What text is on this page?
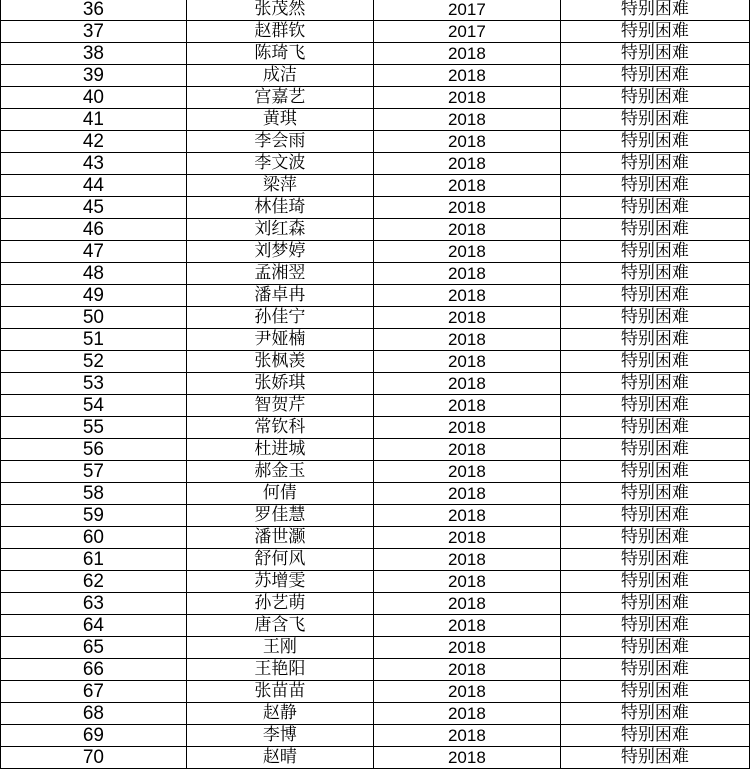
36	张茂然	2017	特别困难
37	赵群钦	2017	特别困难
38	陈琦飞	2018	特别困难
39	成洁	2018	特别困难
40	宫嘉艺	2018	特别困难
41	黄琪	2018	特别困难
42	李会雨	2018	特别困难
43	李文波	2018	特别困难
44	梁萍	2018	特别困难
45	林佳琦	2018	特别困难
46	刘红森	2018	特别困难
47	刘梦婷	2018	特别困难
48	孟湘翌	2018	特别困难
49	潘卓冉	2018	特别困难
50	孙佳宁	2018	特别困难
51	尹娅楠	2018	特别困难
52	张枫羡	2018	特别困难
53	张娇琪	2018	特别困难
54	智贺芹	2018	特别困难
55	常钦科	2018	特别困难
56	杜进城	2018	特别困难
57	郝金玉	2018	特别困难
58	何倩	2018	特别困难
59	罗佳慧	2018	特别困难
60	潘世灏	2018	特别困难
61	舒何风	2018	特别困难
62	苏增雯	2018	特别困难
63	孙艺萌	2018	特别困难
64	唐含飞	2018	特别困难
65	王刚	2018	特别困难
66	王艳阳	2018	特别困难
67	张苗苗	2018	特别困难
68	赵静	2018	特别困难
69	李博	2018	特别困难
70	赵晴	2018	特别困难
